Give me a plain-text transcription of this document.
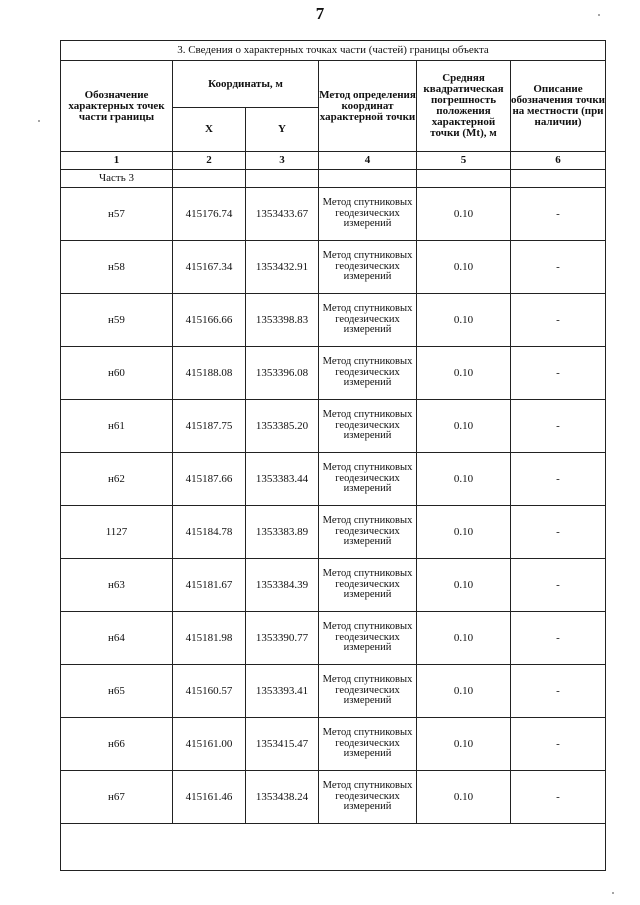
7
3. Сведения о характерных точках части (частей) границы объекта					
Обозначение характерных точек части границы	Координаты, м		Метод определения координат характерной точки	Средняя квадратическая погрешность положения характерной точки (Mt), м	Описание обозначения точки на местности (при наличии)
	X	Y			
1	2	3	4	5	6
Часть 3					
н57	415176.74	1353433.67	Метод спутниковых геодезических измерений	0.10	-
н58	415167.34	1353432.91	Метод спутниковых геодезических измерений	0.10	-
н59	415166.66	1353398.83	Метод спутниковых геодезических измерений	0.10	-
н60	415188.08	1353396.08	Метод спутниковых геодезических измерений	0.10	-
н61	415187.75	1353385.20	Метод спутниковых геодезических измерений	0.10	-
н62	415187.66	1353383.44	Метод спутниковых геодезических измерений	0.10	-
1127	415184.78	1353383.89	Метод спутниковых геодезических измерений	0.10	-
н63	415181.67	1353384.39	Метод спутниковых геодезических измерений	0.10	-
н64	415181.98	1353390.77	Метод спутниковых геодезических измерений	0.10	-
н65	415160.57	1353393.41	Метод спутниковых геодезических измерений	0.10	-
н66	415161.00	1353415.47	Метод спутниковых геодезических измерений	0.10	-
н67	415161.46	1353438.24	Метод спутниковых геодезических измерений	0.10	-
